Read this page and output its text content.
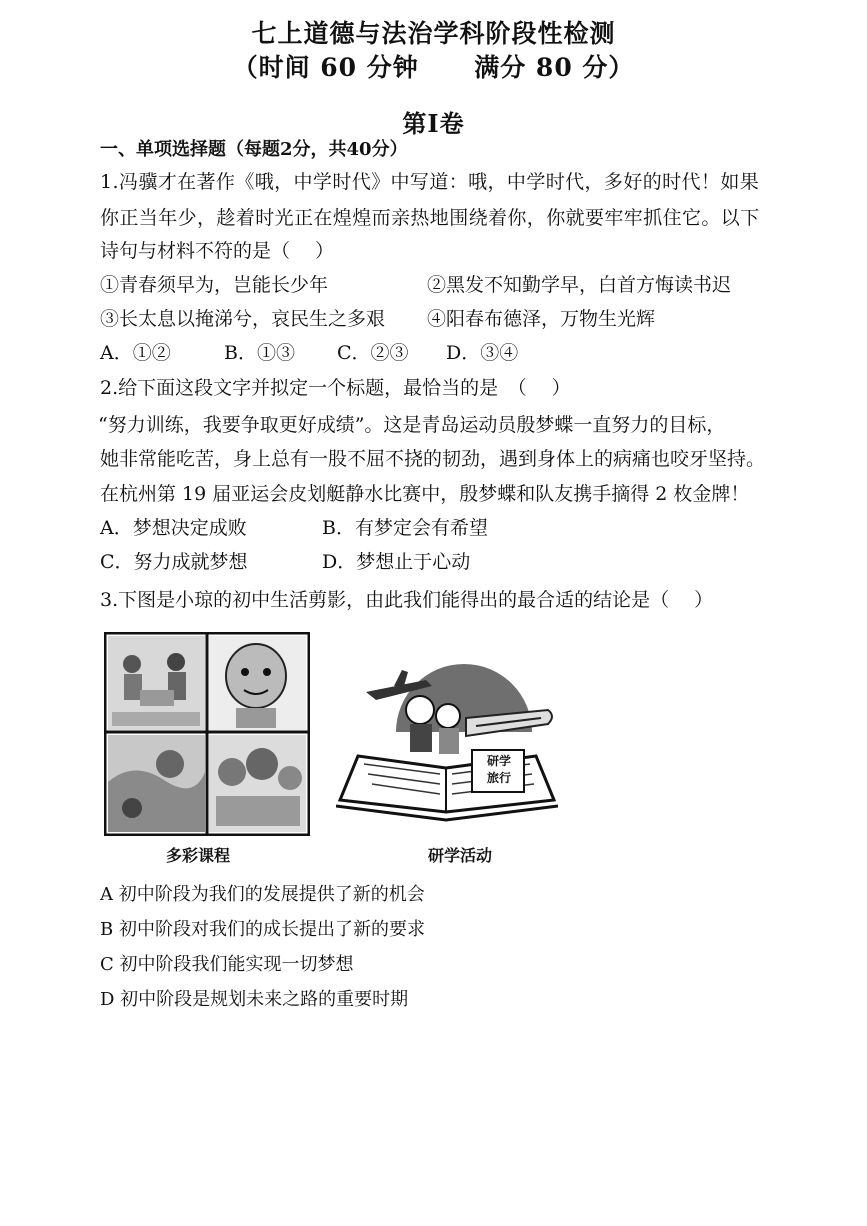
七上道德与法治学科阶段性检测
（时间 60 分钟 满分 80 分）
第Ⅰ卷
一、单项选择题（每题2分，共40分）
1.冯骥才在著作《哦，中学时代》中写道：哦，中学时代，多好的时代！如果
你正当年少，趁着时光正在煌煌而亲热地围绕着你，你就要牢牢抓住它。以下
诗句与材料不符的是（　 ）
①青春须早为，岂能长少年	②黑发不知勤学早，白首方悔读书迟
③长太息以掩涕兮，哀民生之多艰 ④阳春布德泽，万物生光辉
A．①②	B．①③ C．②③ D．③④
2.给下面这段文字并拟定一个标题，最恰当的是　（　 ）
“努力训练，我要争取更好成绩”。这是青岛运动员殷梦蝶一直努力的目标，
她非常能吃苦，身上总有一股不屈不挠的韧劲，遇到身体上的病痛也咬牙坚持。
在杭州第 19 届亚运会皮划艇静水比赛中，殷梦蝶和队友携手摘得 2 枚金牌！
A．梦想决定成败	B．有梦定会有希望
C．努力成就梦想	D．梦想止于心动
3.下图是小琼的初中生活剪影，由此我们能得出的最合适的结论是（　 ）
多彩课程
研学
旅行
研学活动
A 初中阶段为我们的发展提供了新的机会
B 初中阶段对我们的成长提出了新的要求
C 初中阶段我们能实现一切梦想
D 初中阶段是规划未来之路的重要时期
